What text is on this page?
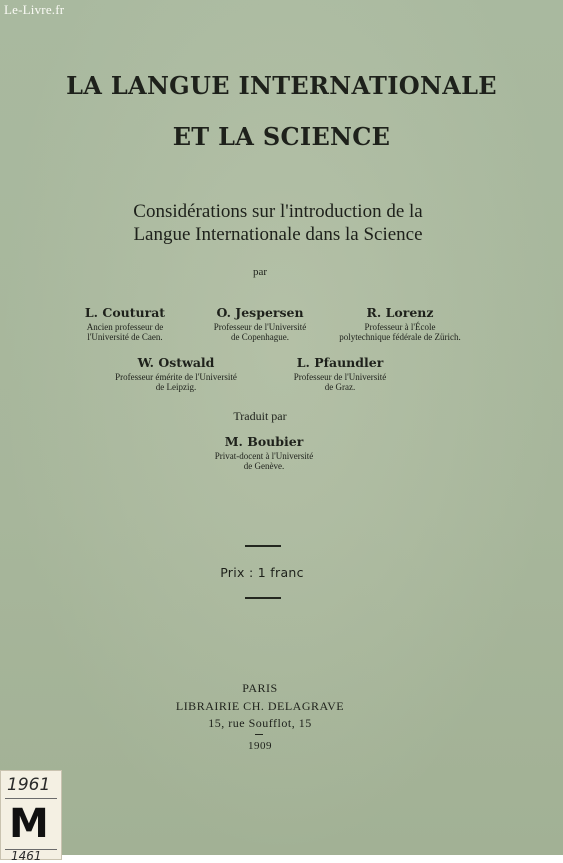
Le-Livre.fr
LA LANGUE INTERNATIONALE
ET LA SCIENCE
Considérations sur l'introduction de la
Langue Internationale dans la Science
par
L. Couturat
Ancien professeur de
l'Université de Caen.
O. Jespersen
Professeur de l'Université
de Copenhague.
R. Lorenz
Professeur à l'École
polytechnique fédérale de Zürich.
W. Ostwald
Professeur émérite de l'Université
de Leipzig.
L. Pfaundler
Professeur de l'Université
de Graz.
Traduit par
M. Boubier
Privat-docent à l'Université
de Genève.
Prix : 1 franc
PARIS
LIBRAIRIE CH. DELAGRAVE
15, rue Soufflot, 15
1909
1961
M
1461
